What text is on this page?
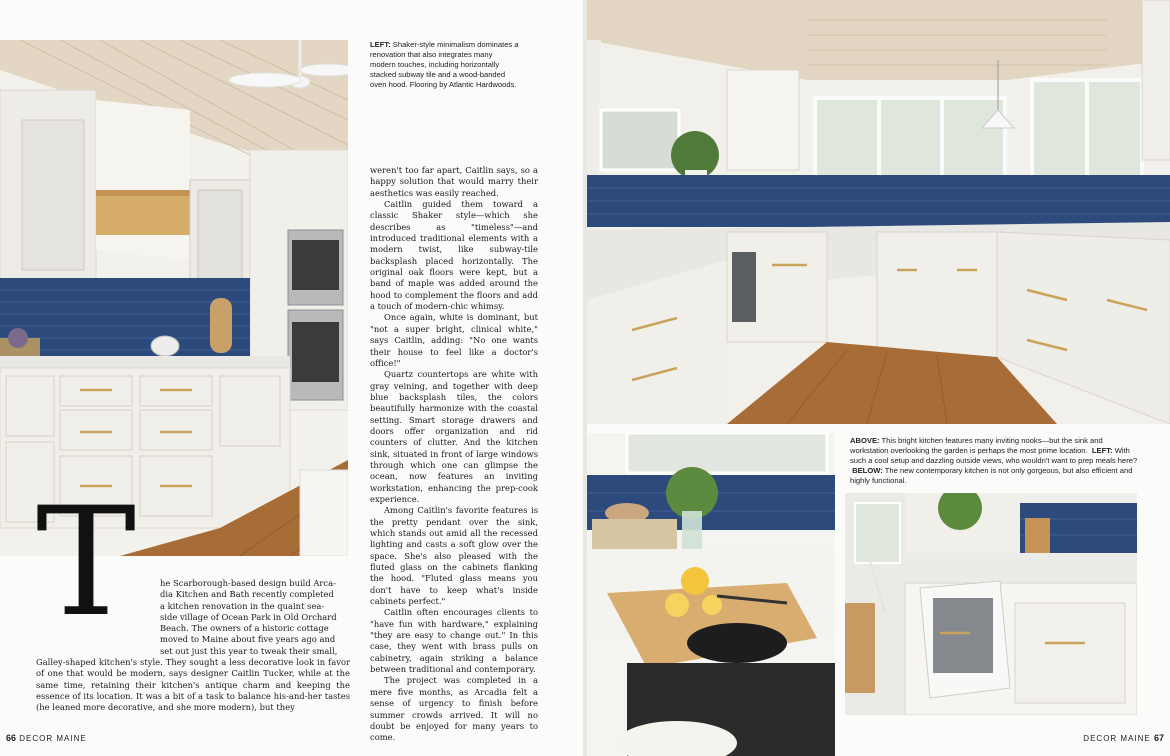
LEFT: Shaker-style minimalism dominates a renovation that also integrates many modern touches, including horizontally stacked subway tile and a wood-banded oven hood. Flooring by Atlantic Hardwoods.

weren't too far apart, Caitlin says, so a happy solution that would marry their aesthetics was easily reached.

Caitlin guided them toward a classic Shaker style—which she describes as "timeless"—and introduced traditional elements with a modern twist, like subway-tile backsplash placed horizontally. The original oak floors were kept, but a band of maple was added around the hood to complement the floors and add a touch of modern-chic whimsy.

Once again, white is dominant, but "not a super bright, clinical white," says Caitlin, adding: "No one wants their house to feel like a doctor's office!"

Quartz countertops are white with gray veining, and together with deep blue backsplash tiles, the colors beautifully harmonize with the coastal setting. Smart storage drawers and doors offer organization and rid counters of clutter. And the kitchen sink, situated in front of large windows through which one can glimpse the ocean, now features an inviting workstation, enhancing the prep-cook experience.

Among Caitlin's favorite features is the pretty pendant over the sink, which stands out amid all the recessed lighting and casts a soft glow over the space. She's also pleased with the fluted glass on the cabinets flanking the hood. "Fluted glass means you don't have to keep what's inside cabinets perfect."

Caitlin often encourages clients to "have fun with hardware," explaining "they are easy to change out." In this case, they went with brass pulls on cabinetry, again striking a balance between traditional and contemporary.

The project was completed in a mere five months, as Arcadia felt a sense of urgency to finish before summer crowds arrived. It will no doubt be enjoyed for many years to come.

T	he Scarborough-based design build Arca-
dia Kitchen and Bath recently completed
a kitchen renovation in the quaint sea-
side village of Ocean Park in Old Orchard
Beach. The owners of a historic cottage
moved to Maine about five years ago and
set out just this year to tweak their small,
Galley-shaped kitchen's style. They sought a less decorative look in favor of one that would be modern, says designer Caitlin Tucker, while at the same time, retaining their kitchen's antique charm and keeping the essence of its location. It was a bit of a task to balance his-and-her tastes (he leaned more decorative, and she more modern), but they
66 DECOR MAINE
ABOVE: This bright kitchen features many inviting nooks—but the sink and workstation overlooking the garden is perhaps the most prime location. LEFT: With such a cool setup and dazzling outside views, who wouldn't want to prep meals here?  BELOW: The new contemporary kitchen is not only gorgeous, but also efficient and highly functional.
DECOR MAINE 67
